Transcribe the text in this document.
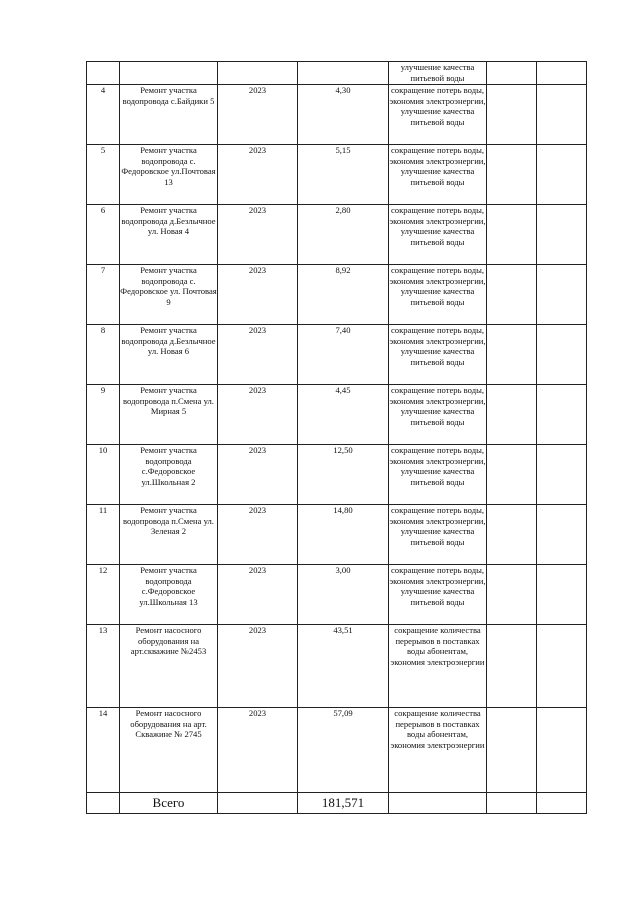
				улучшение качества питьевой воды		
4	Ремонт участка водопровода с.Байдики 5	2023	4,30	сокращение потерь воды, экономия электроэнергии, улучшение качества питьевой воды		
5	Ремонт участка водопровода с. Федоровское ул.Почтовая 13	2023	5,15	сокращение потерь воды, экономия электроэнергии, улучшение качества питьевой воды		
6	Ремонт участка водопровода д.Безлычное ул. Новая 4	2023	2,80	сокращение потерь воды, экономия электроэнергии, улучшение качества питьевой воды		
7	Ремонт участка водопровода с. Федоровское ул. Почтовая 9	2023	8,92	сокращение потерь воды, экономия электроэнергии, улучшение качества питьевой воды		
8	Ремонт участка водопровода д.Безлычное ул. Новая 6	2023	7,40	сокращение потерь воды, экономия электроэнергии, улучшение качества питьевой воды		
9	Ремонт участка водопровода п.Смена ул. Мирная 5	2023	4,45	сокращение потерь воды, экономия электроэнергии, улучшение качества питьевой воды		
10	Ремонт участка водопровода с.Федоровское ул.Школьная 2	2023	12,50	сокращение потерь воды, экономия электроэнергии, улучшение качества питьевой воды		
11	Ремонт участка водопровода п.Смена ул. Зеленая 2	2023	14,80	сокращение потерь воды, экономия электроэнергии, улучшение качества питьевой воды		
12	Ремонт участка водопровода с.Федоровское ул.Школьная 13	2023	3,00	сокращение потерь воды, экономия электроэнергии, улучшение качества питьевой воды		
13	Ремонт насосного оборудования на арт.скважине №2453	2023	43,51	сокращение количества перерывов в поставках воды абонентам, экономия электроэнергии		
14	Ремонт насосного оборудования на арт. Скважине № 2745	2023	57,09	сокращение количества перерывов в поставках воды абонентам, экономия электроэнергии		
	Всего		181,571			
